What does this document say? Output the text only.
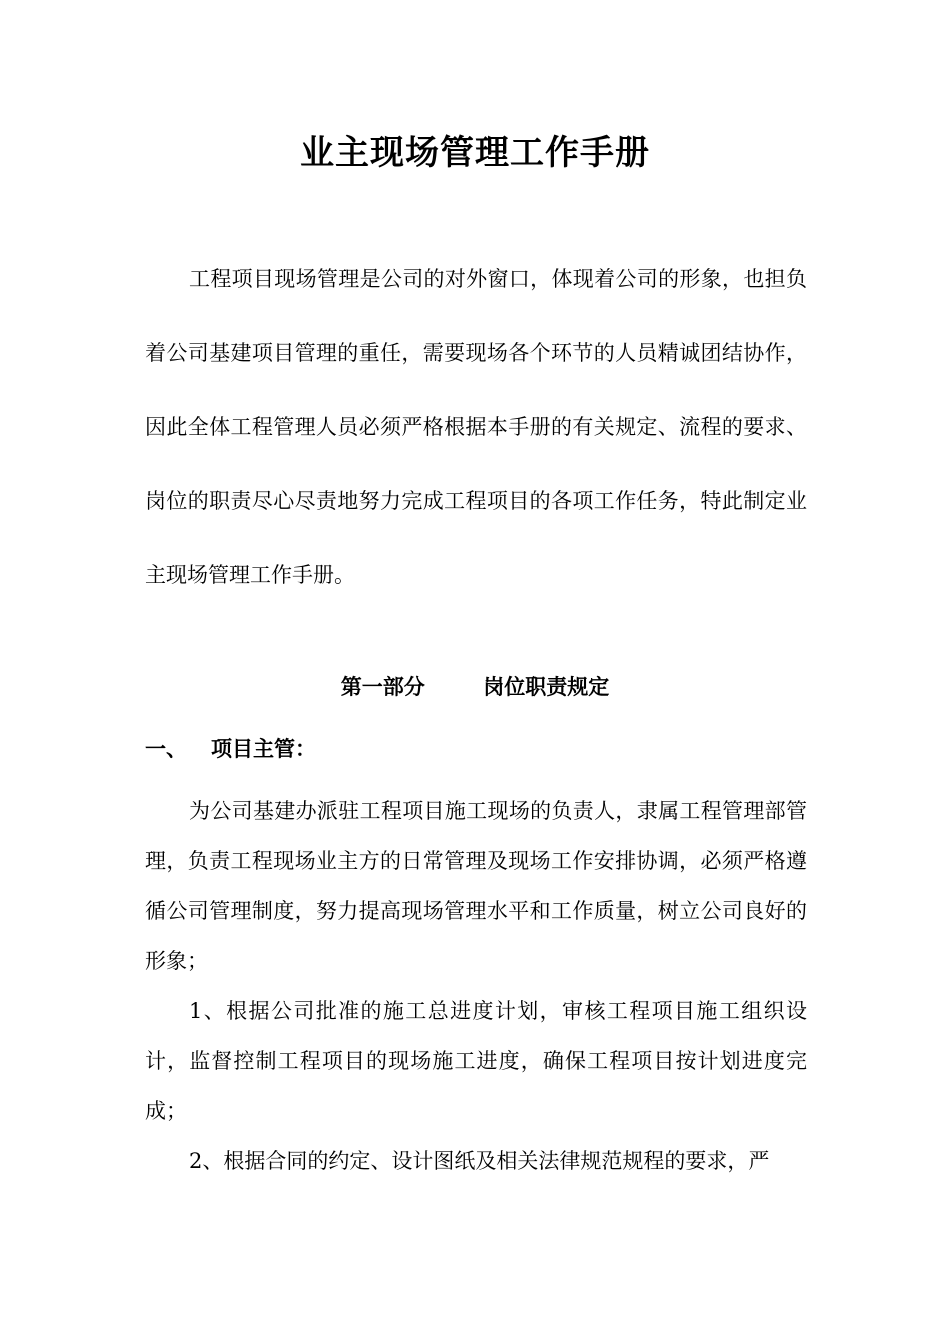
业主现场管理工作手册

工程项目现场管理是公司的对外窗口，体现着公司的形象，也担负着公司基建项目管理的重任，需要现场各个环节的人员精诚团结协作，因此全体工程管理人员必须严格根据本手册的有关规定、流程的要求、岗位的职责尽心尽责地努力完成工程项目的各项工作任务，特此制定业主现场管理工作手册。

第一部分        岗位职责规定
一、 项目主管：

为公司基建办派驻工程项目施工现场的负责人，隶属工程管理部管理，负责工程现场业主方的日常管理及现场工作安排协调，必须严格遵循公司管理制度，努力提高现场管理水平和工作质量，树立公司良好的形象；

1、根据公司批准的施工总进度计划，审核工程项目施工组织设计，监督控制工程项目的现场施工进度，确保工程项目按计划进度完成；

2、根据合同的约定、设计图纸及相关法律规范规程的要求，严
